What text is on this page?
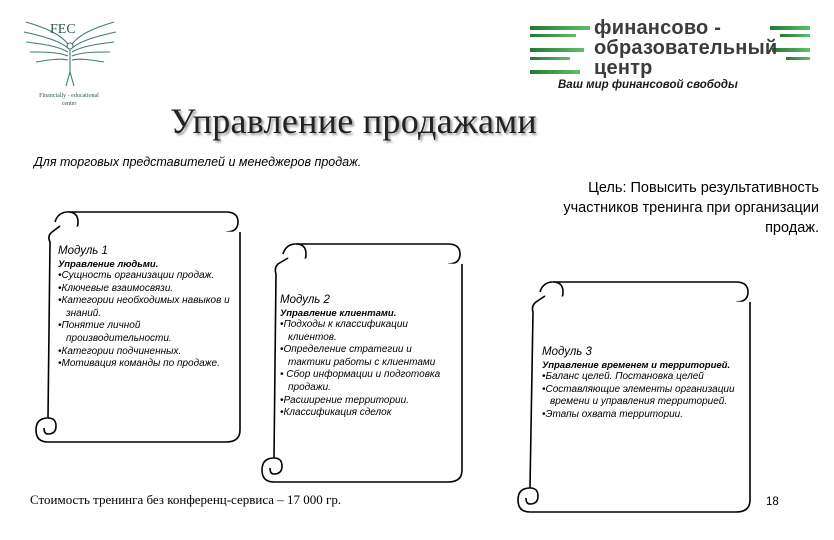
FEC
Financially - educational
center
финансово -
образовательный
центр
Ваш мир финансовой свободы
Управление продажами
Для торговых представителей и менеджеров продаж.
Цель: Повысить результативность
участников тренинга при организации
продаж.
Модуль 1
Управление людьми.
•Сущность организации продаж.
•Ключевые взаимосвязи.
•Категории необходимых навыков и знаний.
•Понятие личной производительности.
•Категории подчиненных.
•Мотивация команды по продаже.
Модуль 2
Управление клиентами.
•Подходы к классификации клиентов.
•Определение стратегии и тактики работы с клиентами
• Сбор информации и подготовка продажи.
•Расширение территории.
•Классификация сделок
Модуль 3
Управление временем и территорией.
•Баланс целей. Постановка целей
•Составляющие элементы организации времени и управления территорией.
•Этапы охвата территории.
Стоимость тренинга без конференц-сервиса – 17 000 гр.	18
